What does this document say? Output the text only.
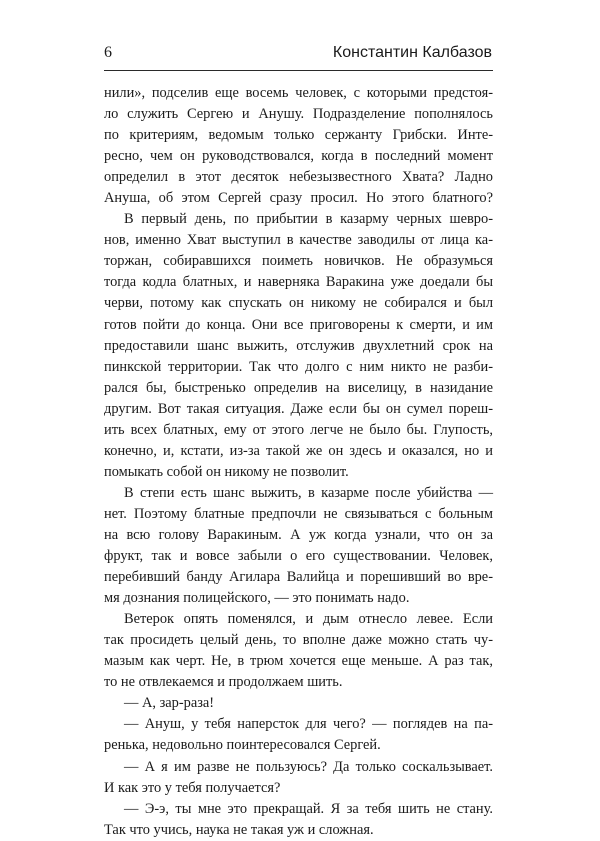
6	Константин Калбазов

нили», подселив еще восемь человек, с которыми предстоя-

ло служить Сергею и Анушу. Подразделение пополнялось

по критериям, ведомым только сержанту Грибски. Инте-

ресно, чем он руководствовался, когда в последний момент

определил в этот десяток небезызвестного Хвата? Ладно

Ануша, об этом Сергей сразу просил. Но этого блатного?

В первый день, по прибытии в казарму черных шевро-

нов, именно Хват выступил в качестве заводилы от лица ка-

торжан, собиравшихся поиметь новичков. Не образумься

тогда кодла блатных, и наверняка Варакина уже доедали бы

черви, потому как спускать он никому не собирался и был

готов пойти до конца. Они все приговорены к смерти, и им

предоставили шанс выжить, отслужив двухлетний срок на

пинкской территории. Так что долго с ним никто не разби-

рался бы, быстренько определив на виселицу, в назидание

другим. Вот такая ситуация. Даже если бы он сумел пореш-

ить всех блатных, ему от этого легче не было бы. Глупость,

конечно, и, кстати, из-за такой же он здесь и оказался, но и

помыкать собой он никому не позволит.

В степи есть шанс выжить, в казарме после убийства —

нет. Поэтому блатные предпочли не связываться с больным

на всю голову Варакиным. А уж когда узнали, что он за

фрукт, так и вовсе забыли о его существовании. Человек,

перебивший банду Агилара Валийца и порешивший во вре-

мя дознания полицейского, — это понимать надо.

Ветерок опять поменялся, и дым отнесло левее. Если

так просидеть целый день, то вполне даже можно стать чу-

мазым как черт. Не, в трюм хочется еще меньше. А раз так,

то не отвлекаемся и продолжаем шить.

— А, зар-раза!

— Ануш, у тебя наперсток для чего? — поглядев на па-

ренька, недовольно поинтересовался Сергей.

— А я им разве не пользуюсь? Да только соскальзывает.

И как это у тебя получается?

— Э-э, ты мне это прекращай. Я за тебя шить не стану.

Так что учись, наука не такая уж и сложная.
